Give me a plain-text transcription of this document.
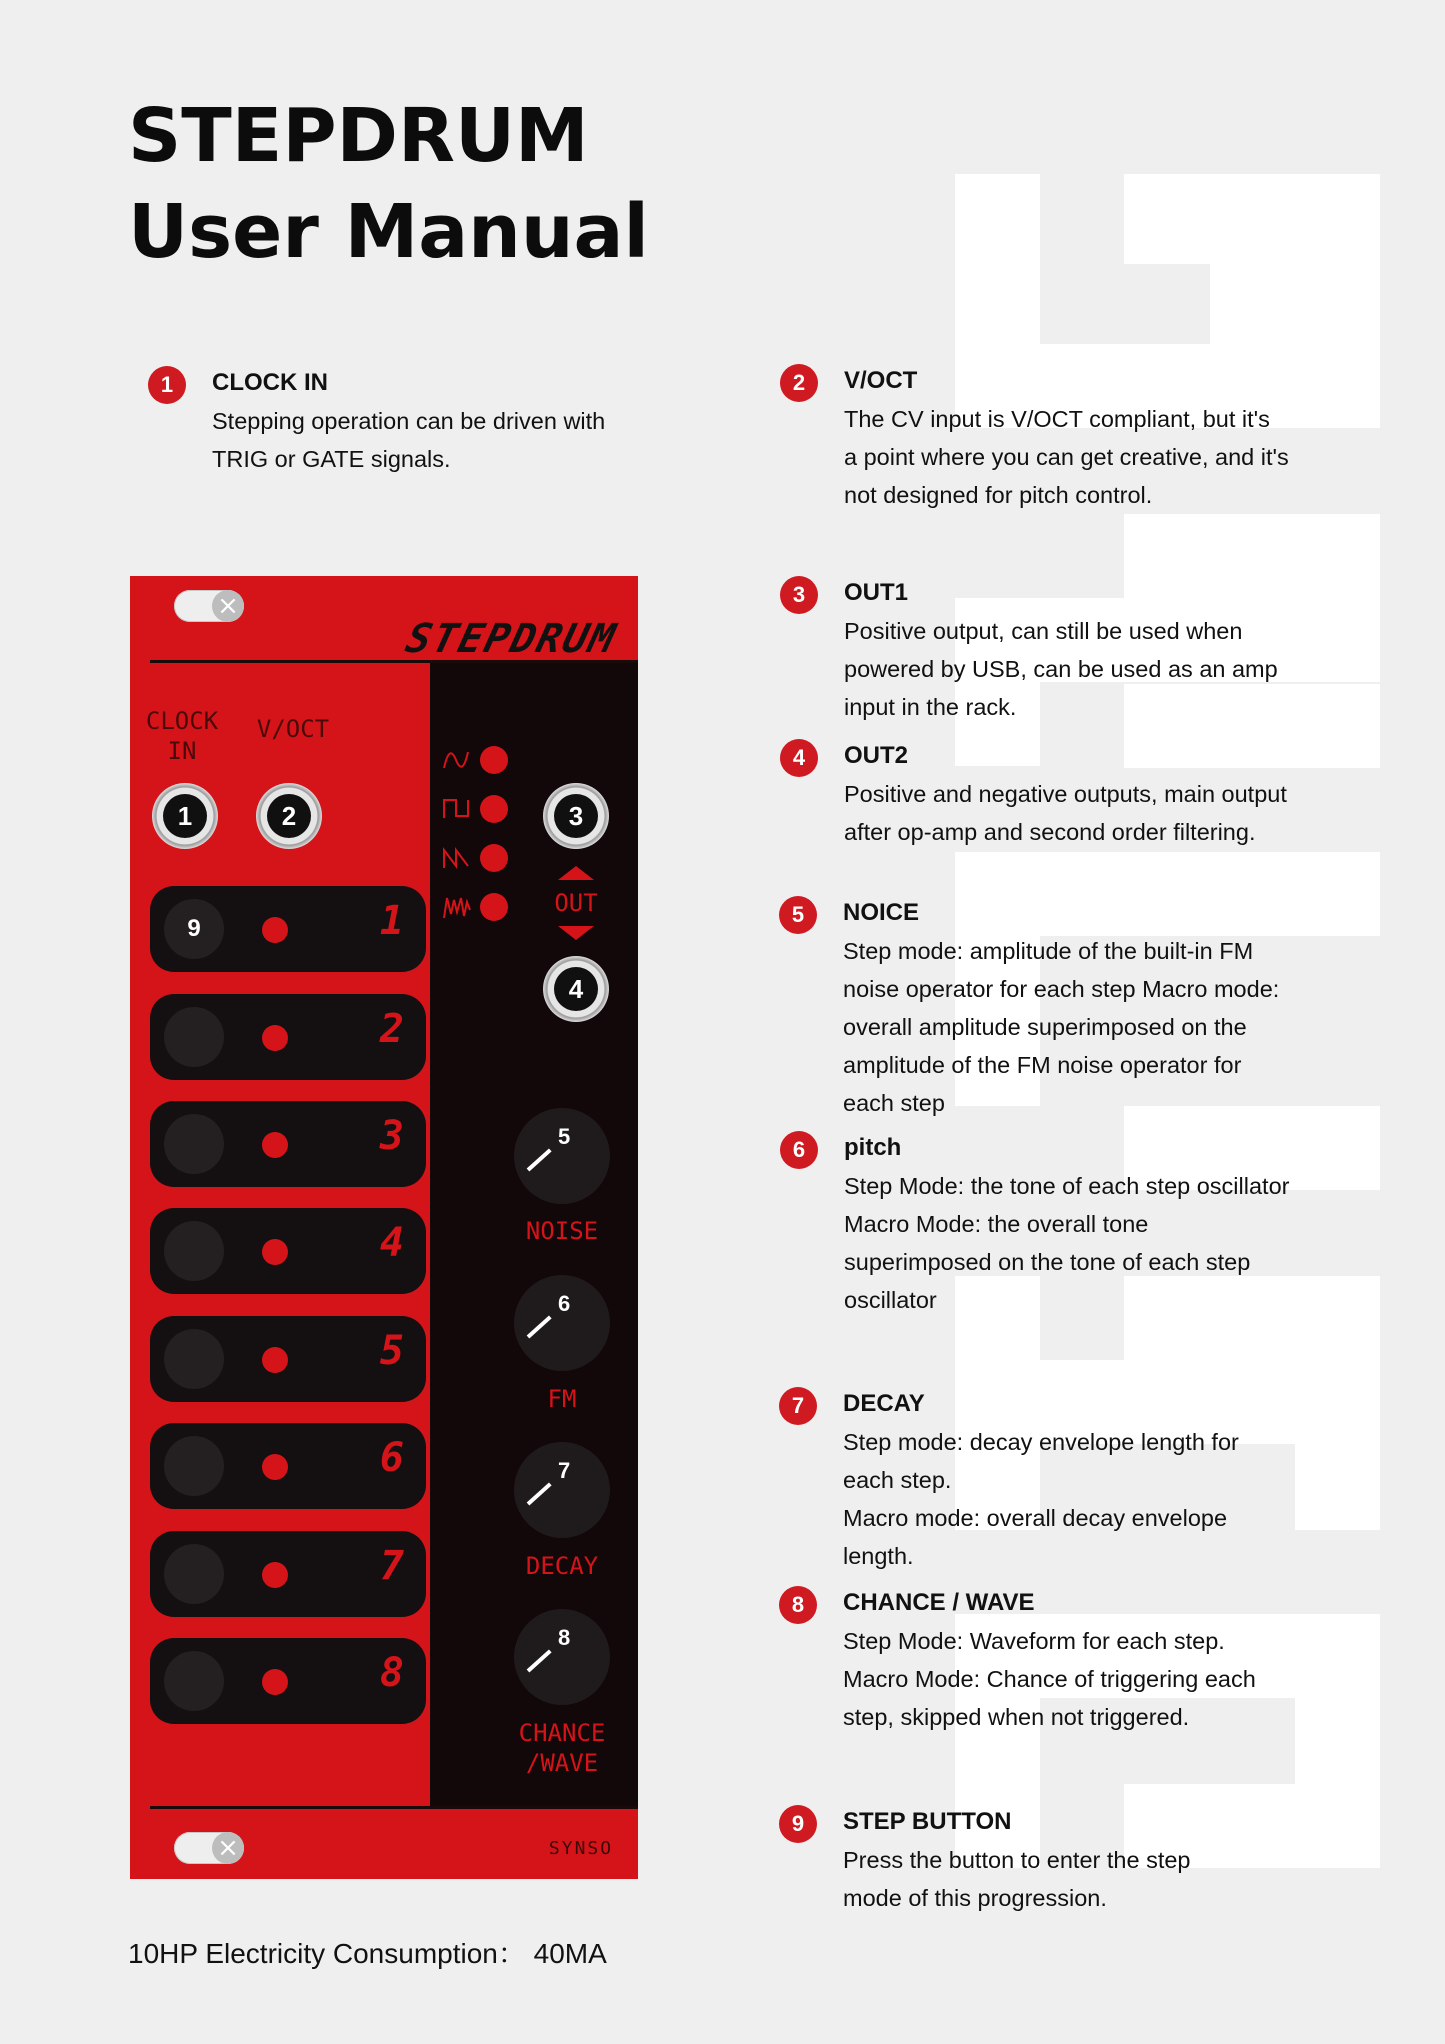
STEPDRUM
User Manual
1	CLOCK IN
Stepping operation can be driven with
TRIG or GATE signals.
2	V/OCT
The CV input is V/OCT compliant, but it's
a point where you can get creative, and it's
not designed for pitch control.
3	OUT1
Positive output, can still be used when
powered by USB, can be used as an amp
input in the rack.
4	OUT2
Positive and negative outputs, main output
after op-amp and second order filtering.
5	NOICE
Step mode: amplitude of the built-in FM
noise operator for each step Macro mode:
overall amplitude superimposed on the
amplitude of the FM noise operator for
each step
6	pitch
Step Mode: the tone of each step oscillator
Macro Mode: the overall tone
superimposed on the tone of each step
oscillator
7	DECAY
Step mode: decay envelope length for
each step.
Macro mode: overall decay envelope
length.
8	CHANCE / WAVE
Step Mode: Waveform for each step.
Macro Mode: Chance of triggering each
step, skipped when not triggered.
9	STEP BUTTON
Press the button to enter the step
mode of this progression.
×
×
STEPDRUM
CLOCK
IN
V/OCT
1	2	3
4
OUT
9	1
2
3
4
5
6
7
8
5
NOISE
6
FM
7
DECAY
8
CHANCE
/WAVE
SYNSO
10HP Electricity Consumption： 40MA
